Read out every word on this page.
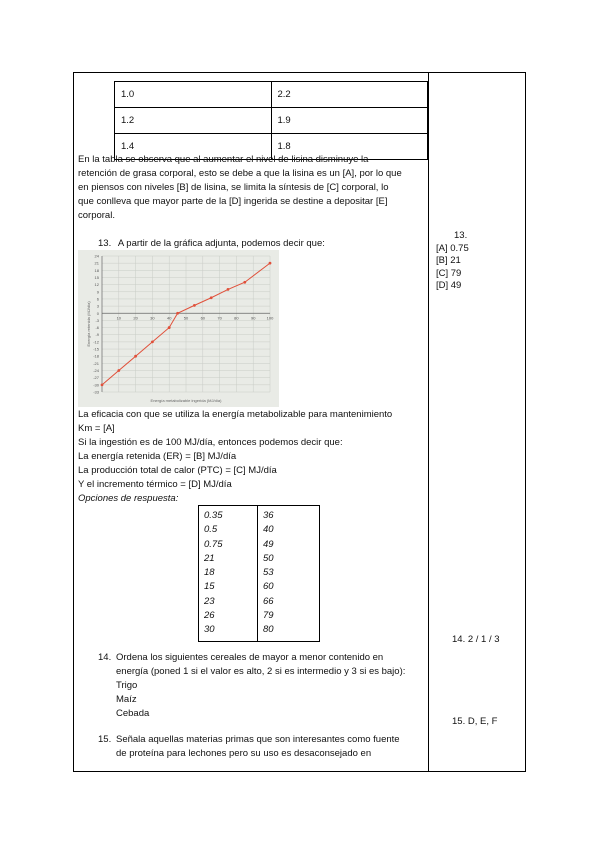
1.0	2.2
1.2	1.9
1.4	1.8
En la tabla se observa que al aumentar el nivel de lisina disminuye la
retención de grasa corporal, esto se debe a que la lisina es un [A], por lo que
en piensos con niveles [B] de lisina, se limita la síntesis de [C] corporal, lo
que conlleva que mayor parte de la [D] ingerida se destine a depositar [E]
corporal.
13. A partir de la gráfica adjunta, podemos decir que:
13.
[A] 0.75
[B] 21
[C] 79
[D] 49
24
21
18
15
12
9
6
3
0
-3
-6
-9
-12
-15
-18
-21
-24
-27
-30
-33
10	20	30	40	50	60	70	80	90	100
Energía metabolizable ingerida (MJ/día)
Energía retenida (MJ/día)
La eficacia con que se utiliza la energía metabolizable para mantenimiento
Km = [A]
Si la ingestión es de 100 MJ/día, entonces podemos decir que:
La energía retenida (ER) = [B] MJ/día
La producción total de calor (PTC) = [C] MJ/día
Y el incremento térmico = [D] MJ/día
Opciones de respuesta:
0.35	36
0.5	40
0.75	49
21	50
18	53
15	60
23	66
26	79
30	80
14. 2 / 1 / 3
14. Ordena los siguientes cereales de mayor a menor contenido en
energía (poned 1 si el valor es alto, 2 si es intermedio y 3 si es bajo):
Trigo
Maíz
Cebada
15. D, E, F
15. Señala aquellas materias primas que son interesantes como fuente
de proteína para lechones pero su uso es desaconsejado en
